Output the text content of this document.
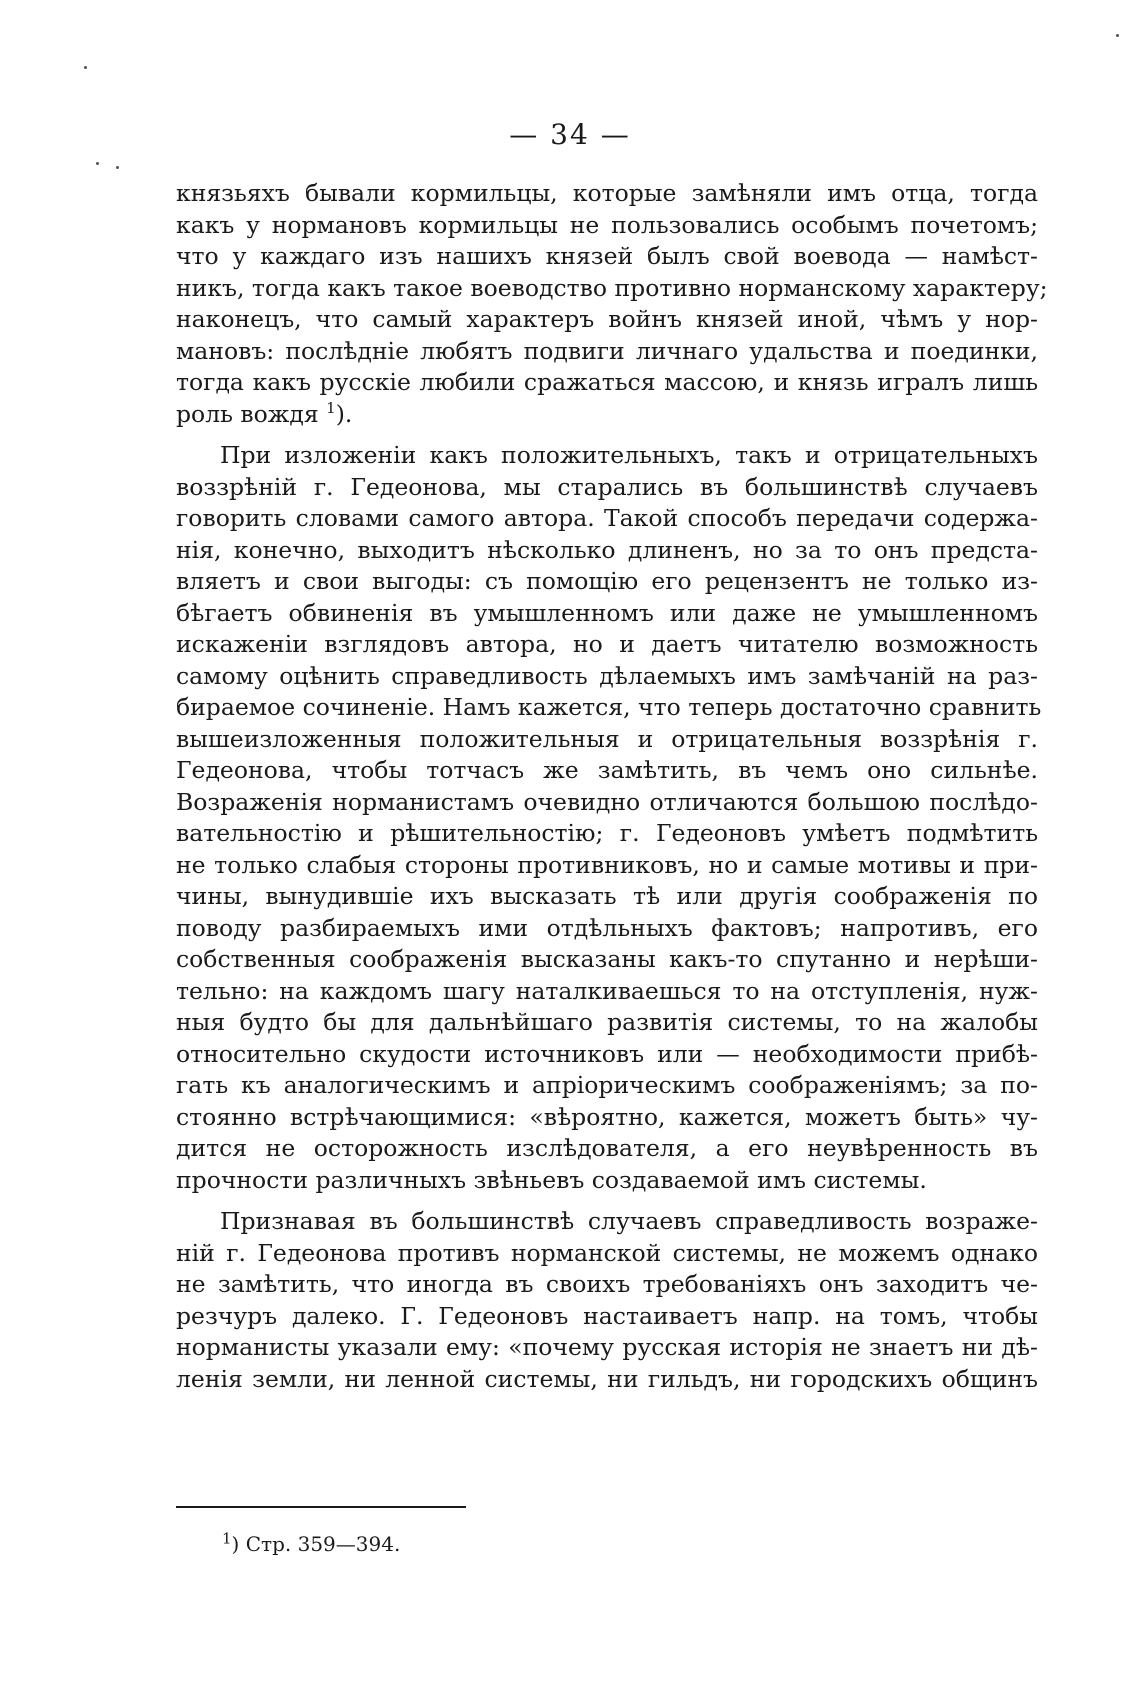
— 34 —
князьяхъ бывали кормильцы, которые замѣняли имъ отца, тогда
какъ у нормановъ кормильцы не пользовались особымъ почетомъ;
что у каждаго изъ нашихъ князей былъ свой воевода — намѣст-
никъ, тогда какъ такое воеводство противно норманскому характеру;
наконецъ, что самый характеръ войнъ князей иной, чѣмъ у нор-
мановъ: послѣдніе любятъ подвиги личнаго удальства и поединки,
тогда какъ русскіе любили сражаться массою, и князь игралъ лишь
роль вождя $^1$).
При изложеніи какъ положительныхъ, такъ и отрицательныхъ
воззрѣній г. Гедеонова, мы старались въ большинствѣ случаевъ
говорить словами самого автора. Такой способъ передачи содержа-
нія, конечно, выходитъ нѣсколько длиненъ, но за то онъ предста-
вляетъ и свои выгоды: съ помощію его рецензентъ не только из-
бѣгаетъ обвиненія въ умышленномъ или даже не умышленномъ
искаженіи взглядовъ автора, но и даетъ читателю возможность
самому оцѣнить справедливость дѣлаемыхъ имъ замѣчаній на раз-
бираемое сочиненіе. Намъ кажется, что теперь достаточно сравнить
вышеизложенныя положительныя и отрицательныя воззрѣнія г.
Гедеонова, чтобы тотчасъ же замѣтить, въ чемъ оно сильнѣе.
Возраженія норманистамъ очевидно отличаются большою послѣдо-
вательностію и рѣшительностію; г. Гедеоновъ умѣетъ подмѣтить
не только слабыя стороны противниковъ, но и самые мотивы и при-
чины, вынудившіе ихъ высказать тѣ или другія соображенія по
поводу разбираемыхъ ими отдѣльныхъ фактовъ; напротивъ, его
собственныя соображенія высказаны какъ-то спутанно и нерѣши-
тельно: на каждомъ шагу наталкиваешься то на отступленія, нуж-
ныя будто бы для дальнѣйшаго развитія системы, то на жалобы
относительно скудости источниковъ или — необходимости прибѣ-
гать къ аналогическимъ и апріорическимъ соображеніямъ; за по-
стоянно встрѣчающимися: «вѣроятно, кажется, можетъ быть» чу-
дится не осторожность изслѣдователя, а его неувѣренность въ
прочности различныхъ звѣньевъ создаваемой имъ системы.
Признавая въ большинствѣ случаевъ справедливость возраже-
ній г. Гедеонова противъ норманской системы, не можемъ однако
не замѣтить, что иногда въ своихъ требованіяхъ онъ заходитъ че-
резчуръ далеко. Г. Гедеоновъ настаиваетъ напр. на томъ, чтобы
норманисты указали ему: «почему русская исторія не знаетъ ни дѣ-
ленія земли, ни ленной системы, ни гильдъ, ни городскихъ общинъ
$^1$) Стр. 359—394.
